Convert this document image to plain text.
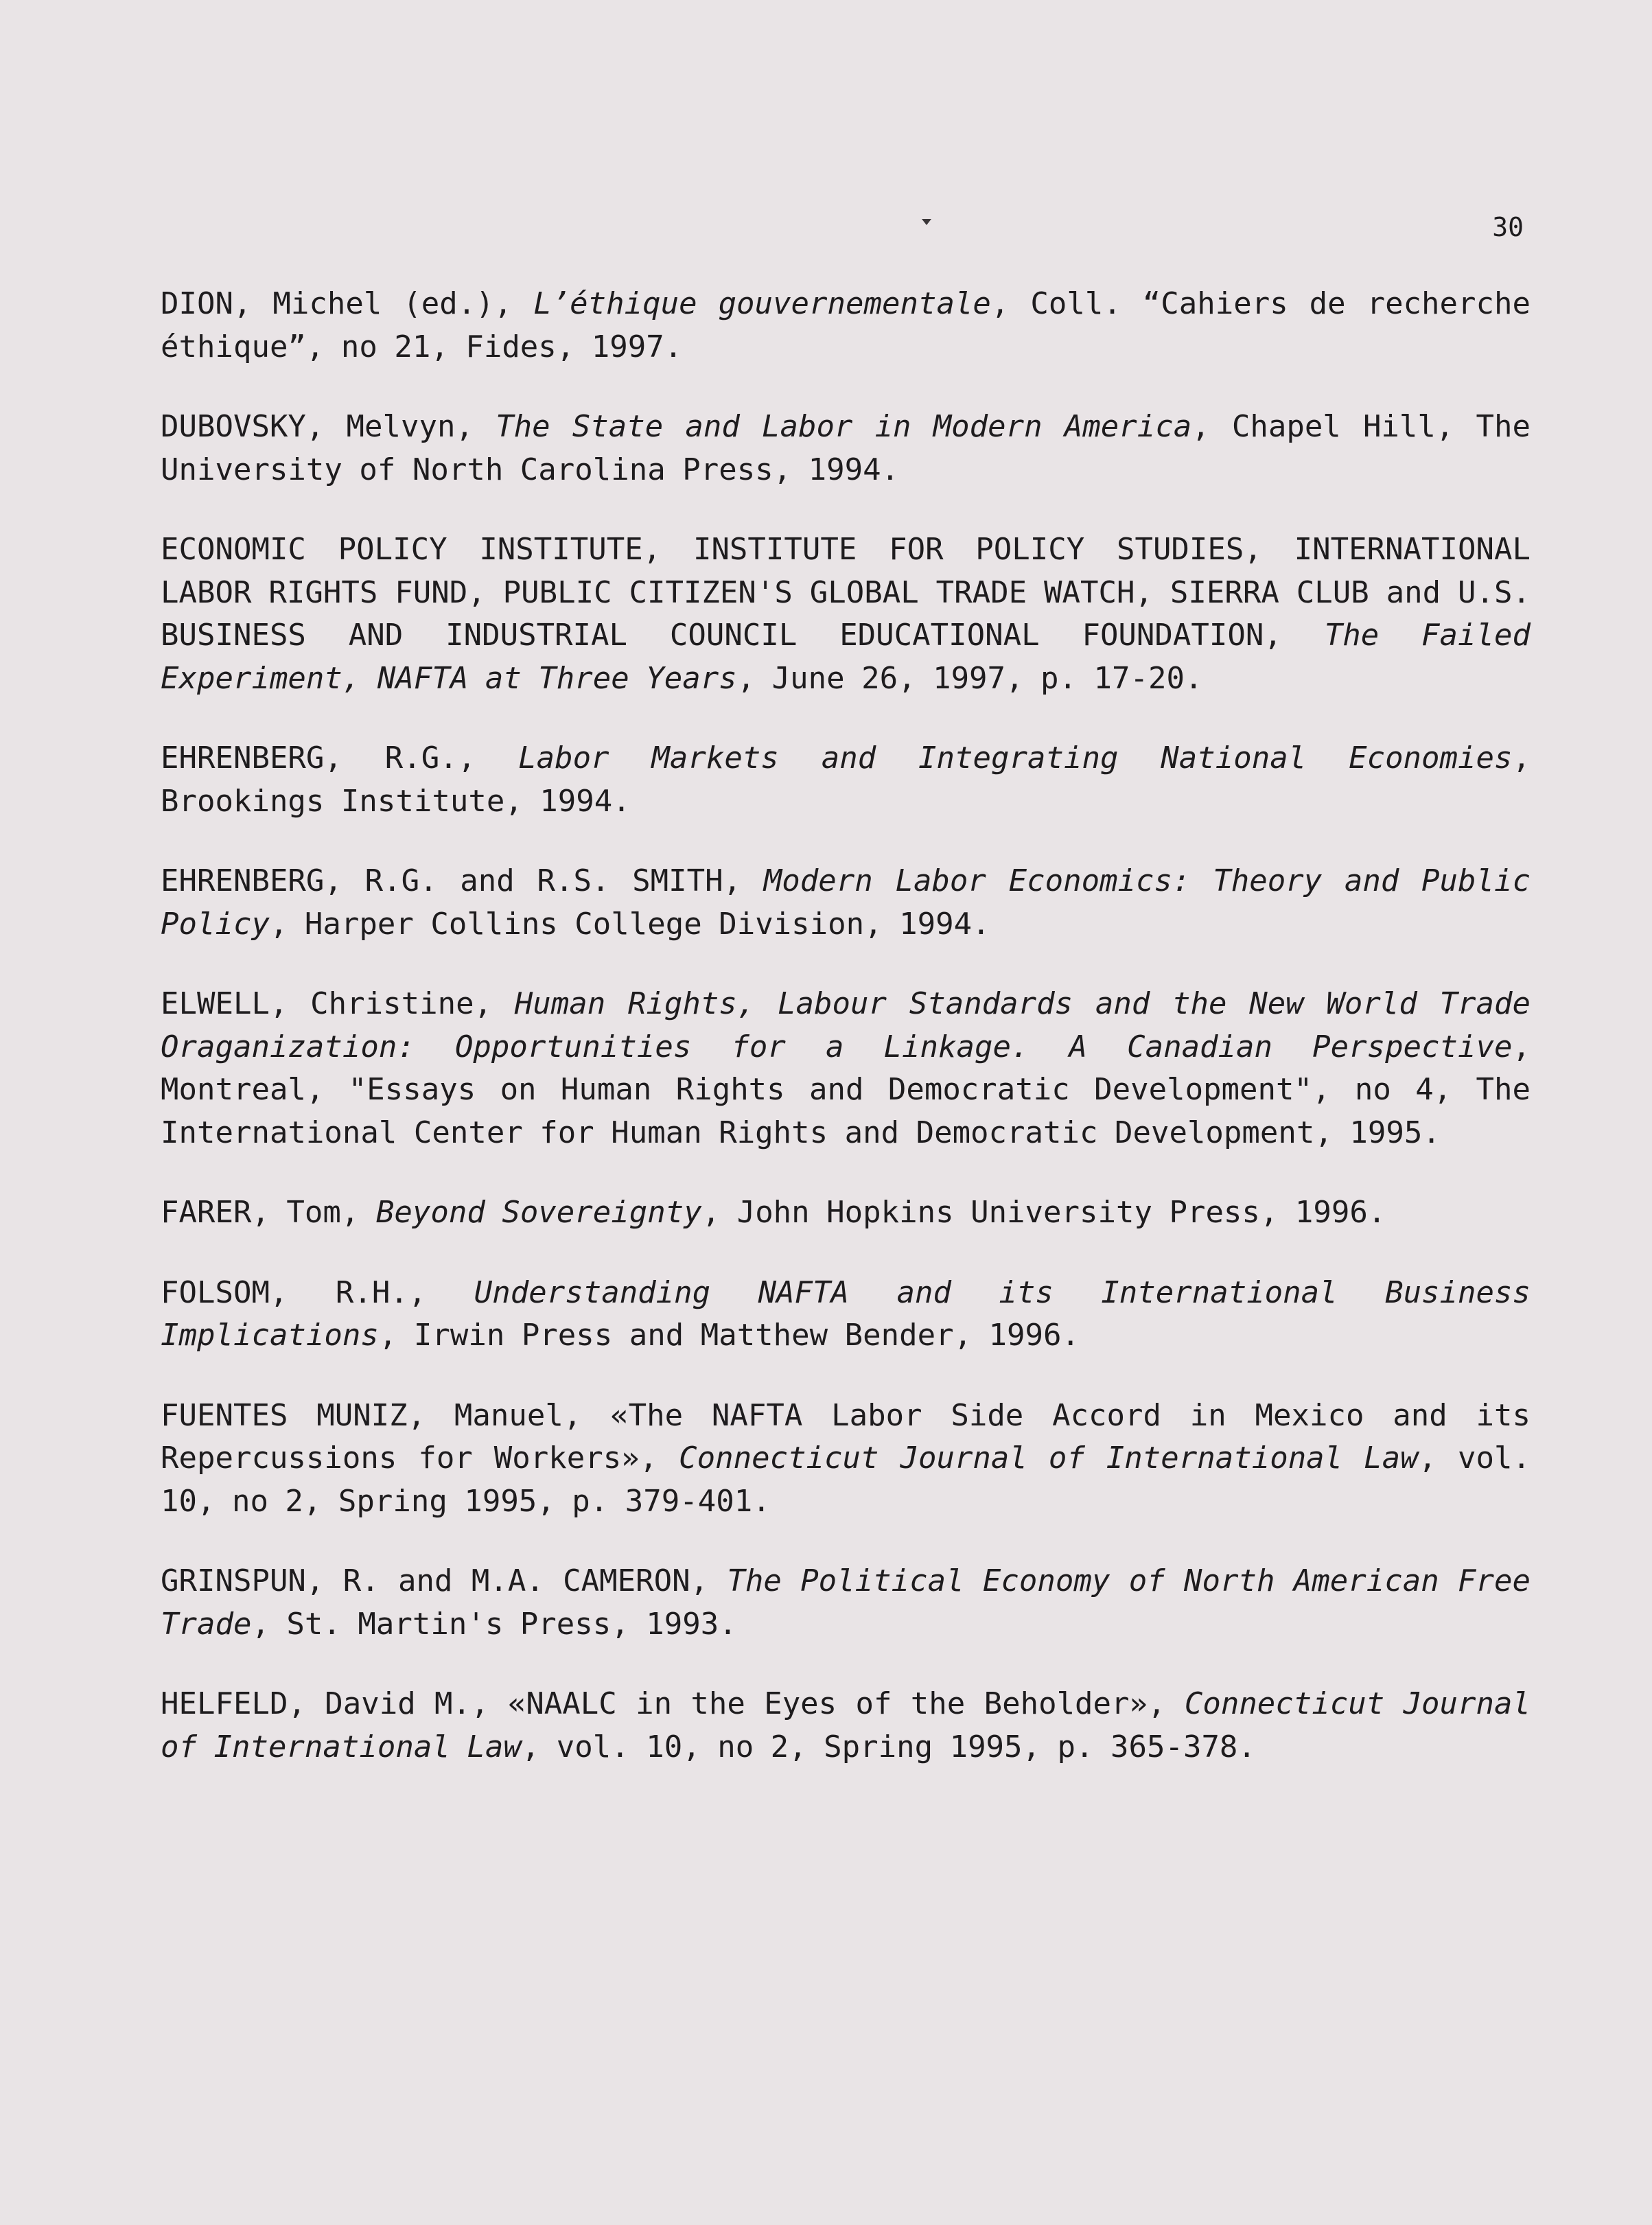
30
DION, Michel (ed.), L’éthique gouvernementale, Coll. “Cahiers de recherche éthique”, no 21, Fides, 1997.
DUBOVSKY, Melvyn, The State and Labor in Modern America, Chapel Hill, The University of North Carolina Press, 1994.
ECONOMIC POLICY INSTITUTE, INSTITUTE FOR POLICY STUDIES, INTERNATIONAL LABOR RIGHTS FUND, PUBLIC CITIZEN'S GLOBAL TRADE WATCH, SIERRA CLUB and U.S. BUSINESS AND INDUSTRIAL COUNCIL EDUCATIONAL FOUNDATION, The Failed Experiment, NAFTA at Three Years, June 26, 1997, p. 17-20.
EHRENBERG, R.G., Labor Markets and Integrating National Economies, Brookings Institute, 1994.
EHRENBERG, R.G. and R.S. SMITH, Modern Labor Economics: Theory and Public Policy, Harper Collins College Division, 1994.
ELWELL, Christine, Human Rights, Labour Standards and the New World Trade Oraganization: Opportunities for a Linkage. A Canadian Perspective, Montreal, "Essays on Human Rights and Democratic Development", no 4, The International Center for Human Rights and Democratic Development, 1995.
FARER, Tom, Beyond Sovereignty, John Hopkins University Press, 1996.
FOLSOM, R.H., Understanding NAFTA and its International Business Implications, Irwin Press and Matthew Bender, 1996.
FUENTES MUNIZ, Manuel, «The NAFTA Labor Side Accord in Mexico and its Repercussions for Workers», Connecticut Journal of International Law, vol. 10, no 2, Spring 1995, p. 379-401.
GRINSPUN, R. and M.A. CAMERON, The Political Economy of North American Free Trade, St. Martin's Press, 1993.
HELFELD, David M., «NAALC in the Eyes of the Beholder», Connecticut Journal of International Law, vol. 10, no 2, Spring 1995, p. 365-378.
